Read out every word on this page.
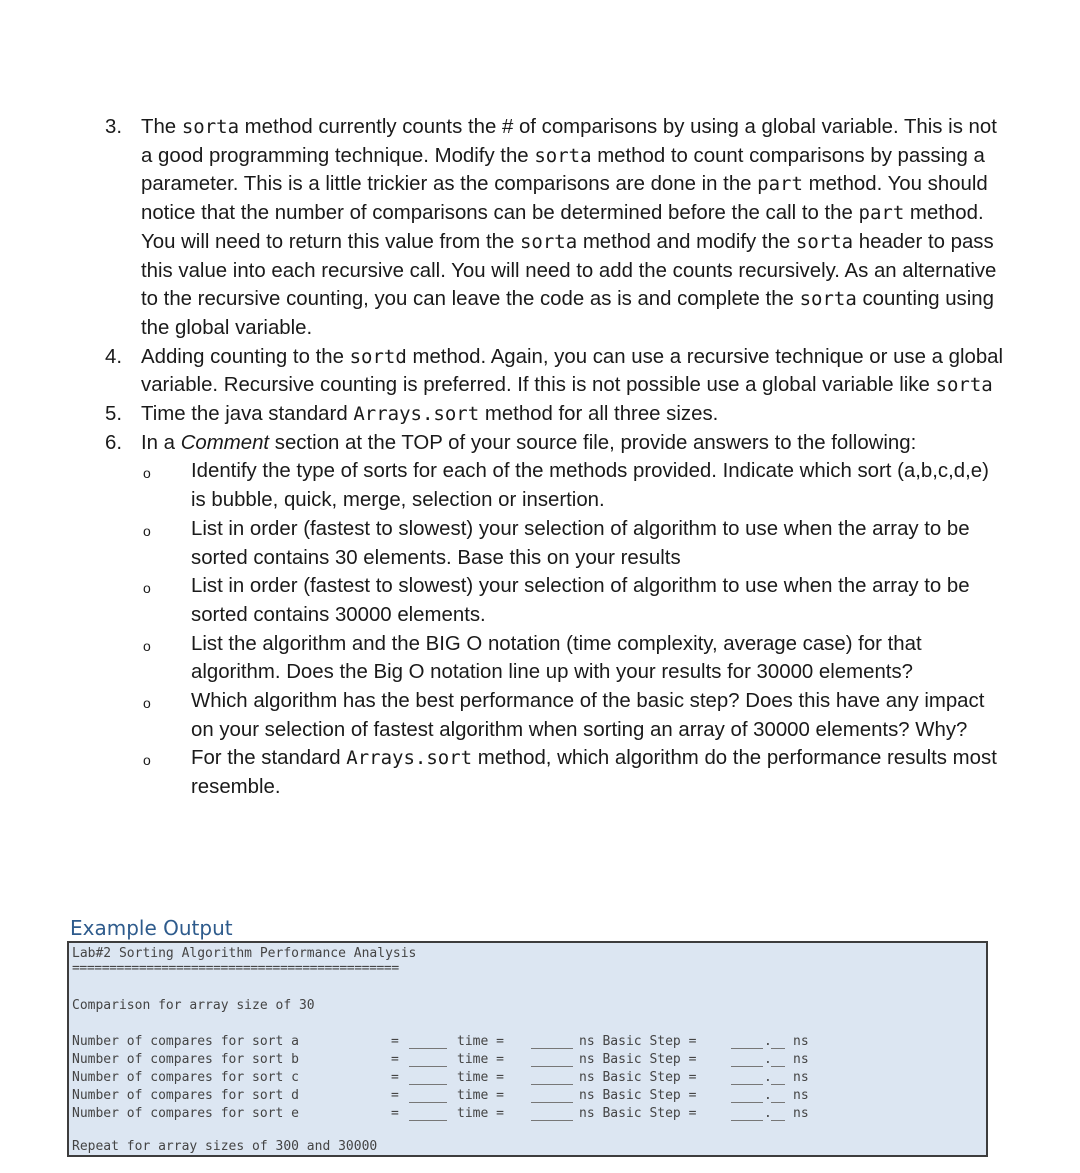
3. The sorta method currently counts the # of comparisons by using a global variable. This is not a good programming technique. Modify the sorta method to count comparisons by passing a parameter. This is a little trickier as the comparisons are done in the part method. You should notice that the number of comparisons can be determined before the call to the part method. You will need to return this value from the sorta method and modify the sorta header to pass this value into each recursive call. You will need to add the counts recursively. As an alternative to the recursive counting, you can leave the code as is and complete the sorta counting using the global variable.
4. Adding counting to the sortd method. Again, you can use a recursive technique or use a global variable. Recursive counting is preferred. If this is not possible use a global variable like sorta
5. Time the java standard Arrays.sort method for all three sizes.
6. In a Comment section at the TOP of your source file, provide answers to the following:
o Identify the type of sorts for each of the methods provided. Indicate which sort (a,b,c,d,e) is bubble, quick, merge, selection or insertion.
o List in order (fastest to slowest) your selection of algorithm to use when the array to be sorted contains 30 elements. Base this on your results
o List in order (fastest to slowest) your selection of algorithm to use when the array to be sorted contains 30000 elements.
o List the algorithm and the BIG O notation (time complexity, average case) for that algorithm. Does the Big O notation line up with your results for 30000 elements?
o Which algorithm has the best performance of the basic step? Does this have any impact on your selection of fastest algorithm when sorting an array of 30000 elements? Why?
o For the standard Arrays.sort method, which algorithm do the performance results most resemble.
Example Output
Lab#2 Sorting Algorithm Performance Analysis
============================================
Comparison for array size of 30
Number of compares for sort a	=	time =	ns Basic Step =	. ns
Number of compares for sort b	=	time =	ns Basic Step =	. ns
Number of compares for sort c	=	time =	ns Basic Step =	. ns
Number of compares for sort d	=	time =	ns Basic Step =	. ns
Number of compares for sort e	=	time =	ns Basic Step =	. ns
Repeat for array sizes of 300 and 30000
